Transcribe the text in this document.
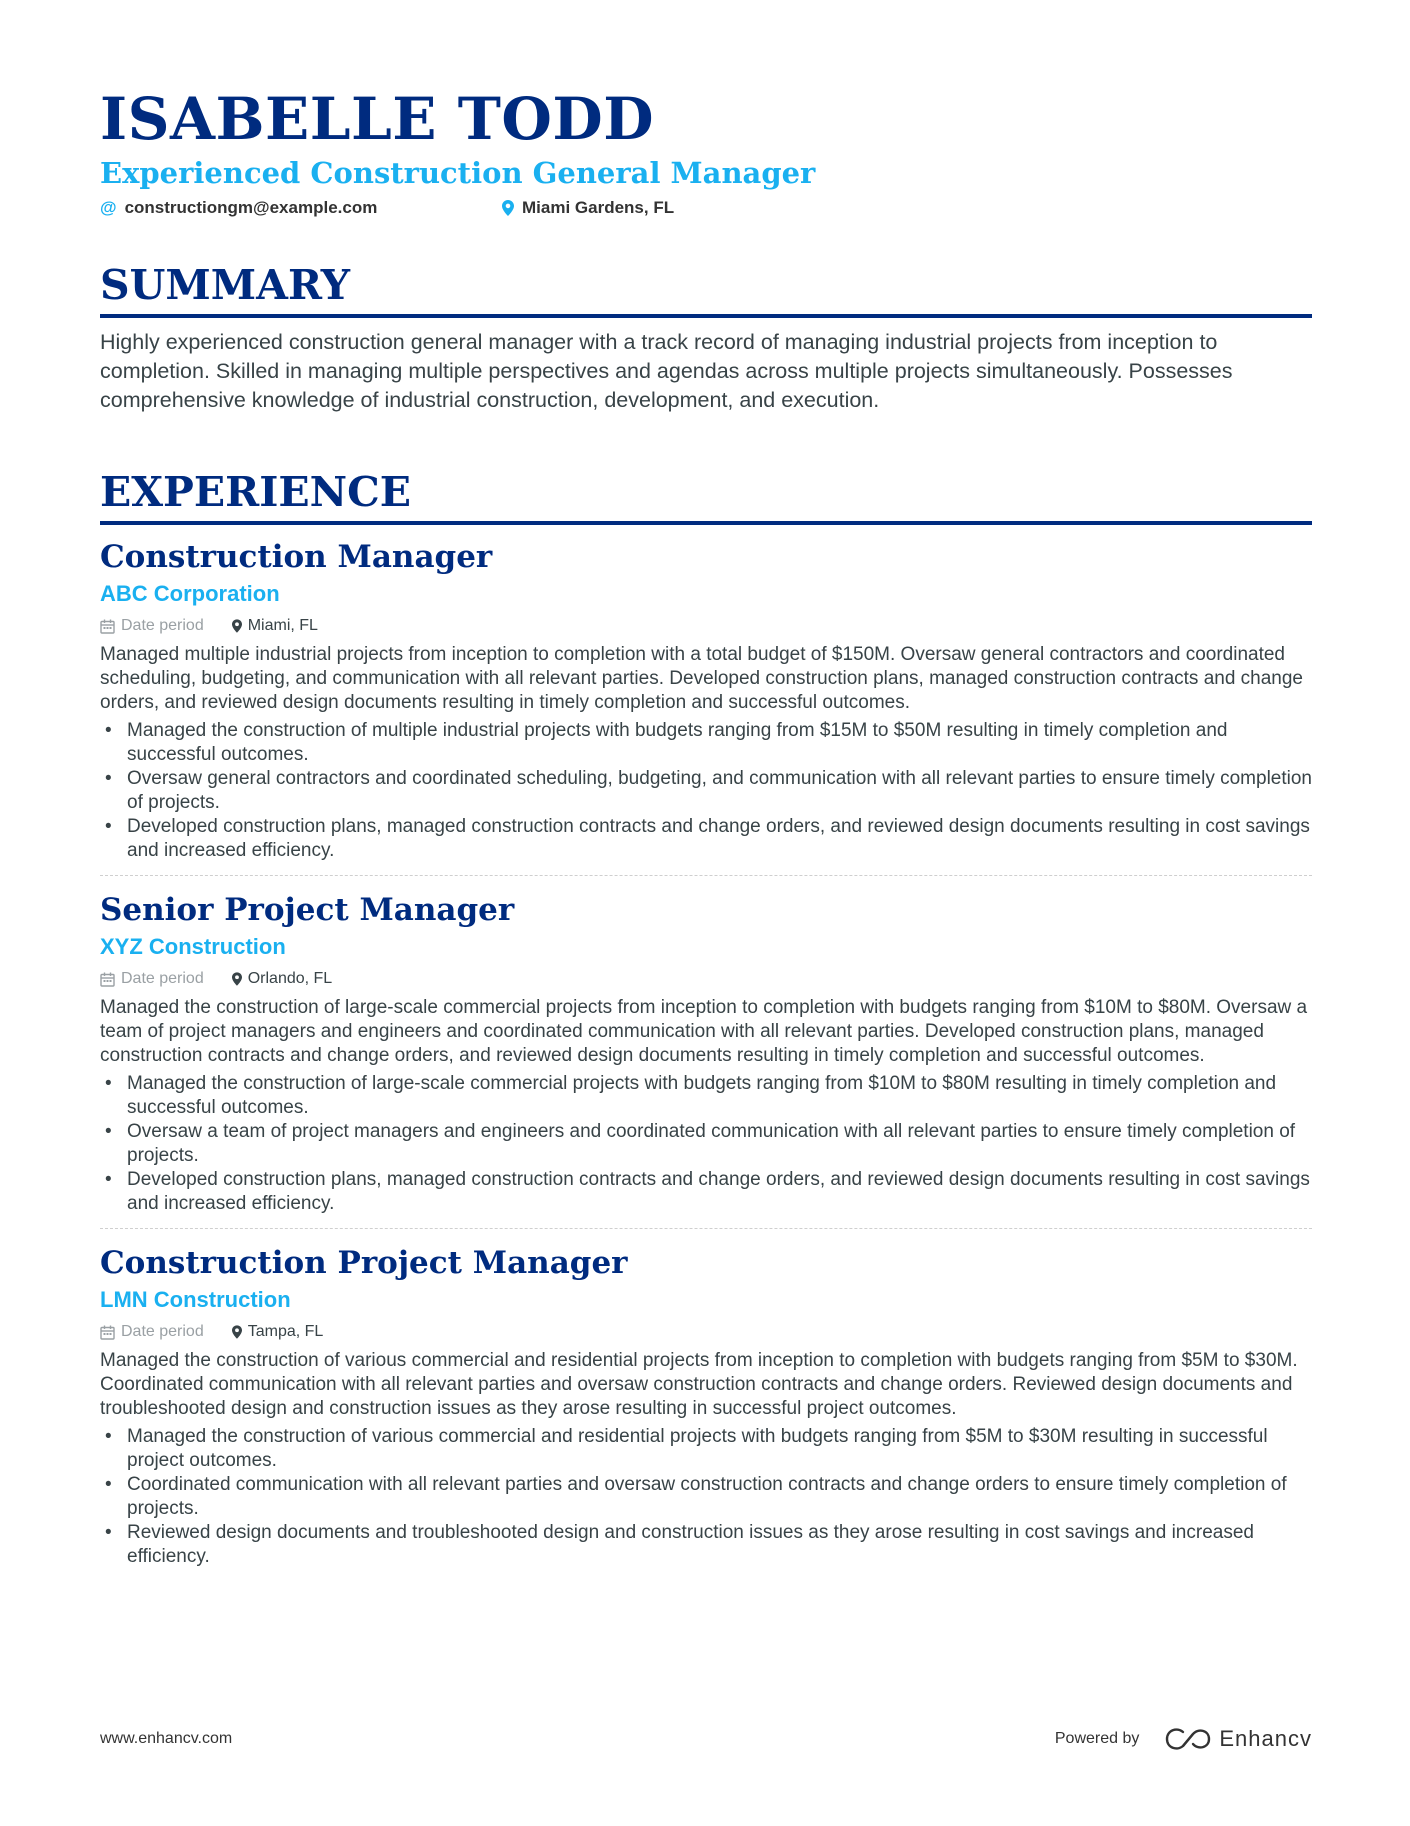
ISABELLE TODD
Experienced Construction General Manager
@ constructiongm@example.com	Miami Gardens, FL
SUMMARY

Highly experienced construction general manager with a track record of managing industrial projects from inception to completion. Skilled in managing multiple perspectives and agendas across multiple projects simultaneously. Possesses comprehensive knowledge of industrial construction, development, and execution.

EXPERIENCE
Construction Manager
ABC Corporation
Date period	Miami, FL

Managed multiple industrial projects from inception to completion with a total budget of $150M. Oversaw general contractors and coordinated scheduling, budgeting, and communication with all relevant parties. Developed construction plans, managed construction contracts and change orders, and reviewed design documents resulting in timely completion and successful outcomes.

• Managed the construction of multiple industrial projects with budgets ranging from $15M to $50M resulting in timely completion and successful outcomes.
• Oversaw general contractors and coordinated scheduling, budgeting, and communication with all relevant parties to ensure timely completion of projects.
• Developed construction plans, managed construction contracts and change orders, and reviewed design documents resulting in cost savings and increased efficiency.
Senior Project Manager
XYZ Construction
Date period	Orlando, FL

Managed the construction of large-scale commercial projects from inception to completion with budgets ranging from $10M to $80M. Oversaw a team of project managers and engineers and coordinated communication with all relevant parties. Developed construction plans, managed construction contracts and change orders, and reviewed design documents resulting in timely completion and successful outcomes.

• Managed the construction of large-scale commercial projects with budgets ranging from $10M to $80M resulting in timely completion and successful outcomes.
• Oversaw a team of project managers and engineers and coordinated communication with all relevant parties to ensure timely completion of projects.
• Developed construction plans, managed construction contracts and change orders, and reviewed design documents resulting in cost savings and increased efficiency.
Construction Project Manager
LMN Construction
Date period	Tampa, FL

Managed the construction of various commercial and residential projects from inception to completion with budgets ranging from $5M to $30M. Coordinated communication with all relevant parties and oversaw construction contracts and change orders. Reviewed design documents and troubleshooted design and construction issues as they arose resulting in successful project outcomes.

• Managed the construction of various commercial and residential projects with budgets ranging from $5M to $30M resulting in successful project outcomes.
• Coordinated communication with all relevant parties and oversaw construction contracts and change orders to ensure timely completion of projects.
• Reviewed design documents and troubleshooted design and construction issues as they arose resulting in cost savings and increased efficiency.
www.enhancv.com	Powered by	Enhancv
